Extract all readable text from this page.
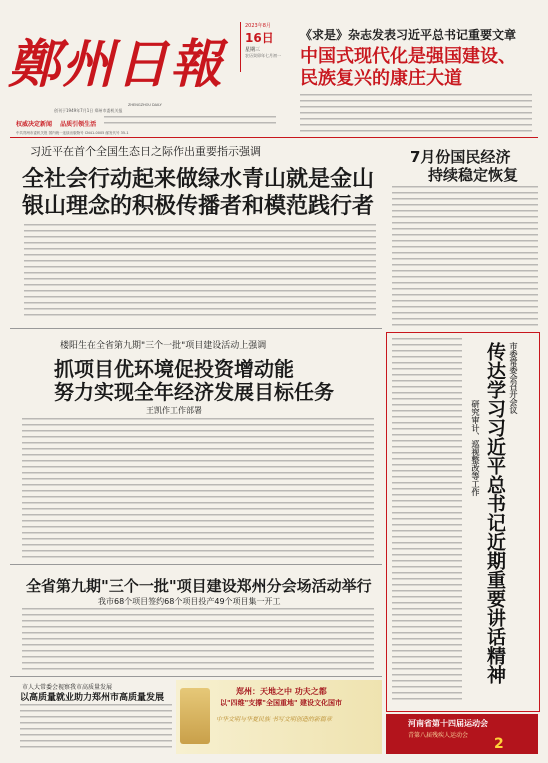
鄭州日報
ZHENGZHOU DAILY
创刊于1949年7月1日 郑州市委机关报
2023年8月
16日
星期三
农历癸卯年七月初一
权威决定新闻 品质引领生活
中共郑州市委机关报 国内统一连续出版物号 CN41-0005 邮发代号 35-1
《求是》杂志发表习近平总书记重要文章
中国式现代化是强国建设、民族复兴的康庄大道
习近平在首个全国生态日之际作出重要指示强调
全社会行动起来做绿水青山就是金山银山理念的积极传播者和模范践行者
7月份国民经济
持续稳定恢复
楼阳生在全省第九期"三个一批"项目建设活动上强调
抓项目优环境促投资增动能
努力实现全年经济发展目标任务
王凯作工作部署	市委常委会召开会议
传达学习习近平总书记近期重要讲话精神
研究审计、巡视整改等工作
全省第九期"三个一批"项目建设郑州分会场活动举行
我市68个项目签约68个项目投产49个项目集一开工
市人大常委会视察我市高质量发展
以高质量就业助力郑州市高质量发展
郑州：天地之中 功夫之都
以"四维"支撑"全国重地" 建设文化国市
中华文明与华夏民族 书写文明创造的新篇章	河南省第十四届运动会
青第八届残疾人运动会
2
